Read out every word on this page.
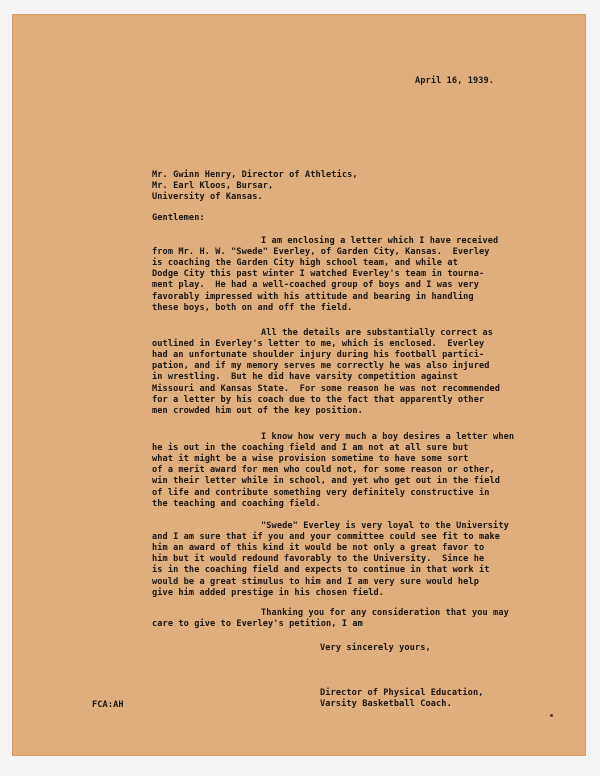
April 16, 1939.
Mr. Gwinn Henry, Director of Athletics,
Mr. Earl Kloos, Bursar,
University of Kansas.
Gentlemen:
I am enclosing a letter which I have received
from Mr. H. W. "Swede" Everley, of Garden City, Kansas.  Everley
is coaching the Garden City high school team, and while at
Dodge City this past winter I watched Everley's team in tourna-
ment play.  He had a well-coached group of boys and I was very
favorably impressed with his attitude and bearing in handling
these boys, both on and off the field.
All the details are substantially correct as
outlined in Everley's letter to me, which is enclosed.  Everley
had an unfortunate shoulder injury during his football partici-
pation, and if my memory serves me correctly he was also injured
in wrestling.  But he did have varsity competition against
Missouri and Kansas State.  For some reason he was not recommended
for a letter by his coach due to the fact that apparently other
men crowded him out of the key position.
I know how very much a boy desires a letter when
he is out in the coaching field and I am not at all sure but
what it might be a wise provision sometime to have some sort
of a merit award for men who could not, for some reason or other,
win their letter while in school, and yet who get out in the field
of life and contribute something very definitely constructive in
the teaching and coaching field.
"Swede" Everley is very loyal to the University
and I am sure that if you and your committee could see fit to make
him an award of this kind it would be not only a great favor to
him but it would redound favorably to the University.  Since he
is in the coaching field and expects to continue in that work it
would be a great stimulus to him and I am very sure would help
give him added prestige in his chosen field.
Thanking you for any consideration that you may
care to give to Everley's petition, I am
Very sincerely yours,
Director of Physical Education,
Varsity Basketball Coach.
FCA:AH
